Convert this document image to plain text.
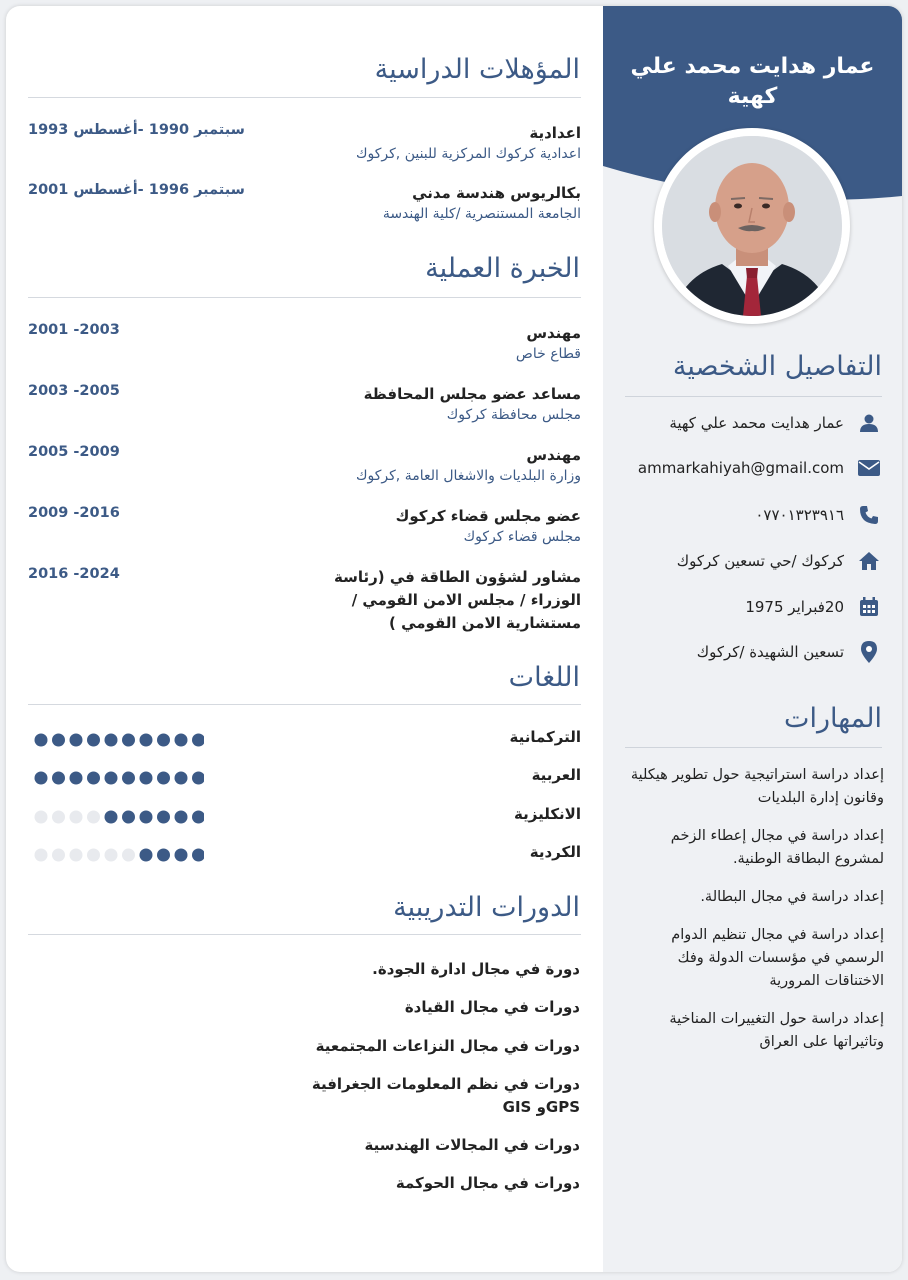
عمار هدايت محمد علي كهية
التفاصيل الشخصية
عمار هدايت محمد علي كهية
ammarkahiyah@gmail.com
٠٧٧٠١٣٢٣٩١٦
كركوك /حي تسعين كركوك
20فبراير 1975
تسعين الشهيدة /كركوك
المهارات
إعداد دراسة استراتيجية حول تطوير هيكلية وقانون إدارة البلديات
إعداد دراسة في مجال إعطاء الزخم لمشروع البطاقة الوطنية.
إعداد دراسة في مجال البطالة.
إعداد دراسة في مجال تنظيم الدوام الرسمي في مؤسسات الدولة وفك الاختناقات المرورية
إعداد دراسة حول التغييرات المناخية وتاثيراتها على العراق
المؤهلات الدراسية
اعدادية
اعدادية كركوك المركزية للبنين ,كركوك
سبتمبر 1990 -أغسطس 1993
بكالريوس هندسة مدني
الجامعة المستنصرية /كلية الهندسة
سبتمبر 1996 -أغسطس 2001
الخبرة العملية
مهندس
قطاع خاص
2001 -2003
مساعد عضو مجلس المحافظة
مجلس محافظة كركوك
2003 -2005
مهندس
وزارة البلديات والاشغال العامة ,كركوك
2005 -2009
عضو مجلس قضاء كركوك
مجلس قضاء كركوك
2009 -2016
مشاور لشؤون الطاقة في (رئاسة الوزراء / مجلس الامن القومي /مستشارية الامن القومي )
2016 -2024
اللغات
التركمانية
العربية
الانكليزية
الكردية
الدورات التدريبية
دورة في مجال ادارة الجودة.
دورات في مجال القيادة
دورات في مجال النزاعات المجتمعية
دورات في نظم المعلومات الجغرافية GPSو GIS
دورات في المجالات الهندسية
دورات في مجال الحوكمة
